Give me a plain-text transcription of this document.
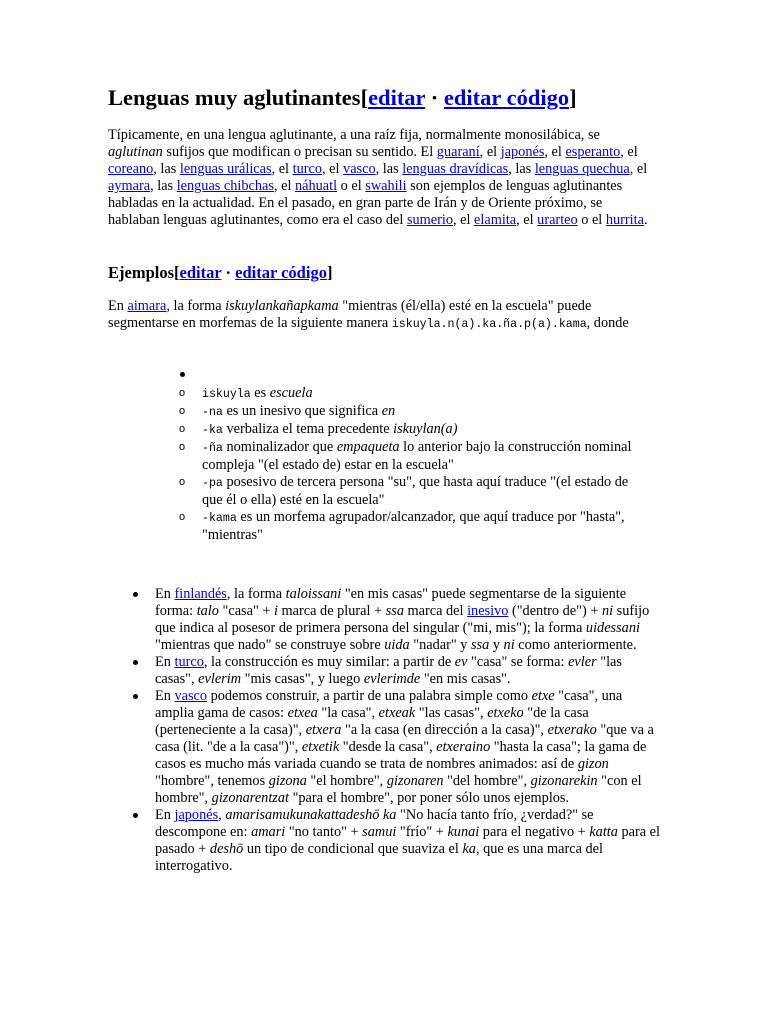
Lenguas muy aglutinantes[editar · editar código]

Típicamente, en una lengua aglutinante, a una raíz fija, normalmente monosilábica, se aglutinan sufijos que modifican o precisan su sentido. El guaraní, el japonés, el esperanto, el coreano, las lenguas urálicas, el turco, el vasco, las lenguas dravídicas, las lenguas quechua, el aymara, las lenguas chibchas, el náhuatl o el swahili son ejemplos de lenguas aglutinantes habladas en la actualidad. En el pasado, en gran parte de Irán y de Oriente próximo, se hablaban lenguas aglutinantes, como era el caso del sumerio, el elamita, el urarteo o el hurrita.

Ejemplos[editar · editar código]

En aimara, la forma iskuylankañapkama "mientras (él/ella) esté en la escuela" puede segmentarse en morfemas de la siguiente manera iskuyla.n(a).ka.ña.p(a).kama, donde

o iskuyla es escuela
o -na es un inesivo que significa en
o -ka verbaliza el tema precedente iskuylan(a)
o -ña nominalizador que empaqueta lo anterior bajo la construcción nominal compleja "(el estado de) estar en la escuela"
o -pa posesivo de tercera persona "su", que hasta aquí traduce "(el estado de que él o ella) esté en la escuela"
o -kama es un morfema agrupador/alcanzador, que aquí traduce por "hasta", "mientras"
En finlandés, la forma taloissani "en mis casas" puede segmentarse de la siguiente forma: talo "casa" + i marca de plural + ssa marca del inesivo ("dentro de") + ni sufijo que indica al posesor de primera persona del singular ("mi, mis"); la forma uidessani "mientras que nado" se construye sobre uida "nadar" y ssa y ni como anteriormente.
En turco, la construcción es muy similar: a partir de ev "casa" se forma: evler "las casas", evlerim "mis casas", y luego evlerimde "en mis casas".
En vasco podemos construir, a partir de una palabra simple como etxe "casa", una amplia gama de casos: etxea "la casa", etxeak "las casas", etxeko "de la casa (perteneciente a la casa)", etxera "a la casa (en dirección a la casa)", etxerako "que va a casa (lit. "de a la casa")", etxetik "desde la casa", etxeraino "hasta la casa"; la gama de casos es mucho más variada cuando se trata de nombres animados: así de gizon "hombre", tenemos gizona "el hombre", gizonaren "del hombre", gizonarekin "con el hombre", gizonarentzat "para el hombre", por poner sólo unos ejemplos.
En japonés, amarisamukunakattadeshō ka "No hacía tanto frío, ¿verdad?" se descompone en: amari "no tanto" + samui "frío" + kunai para el negativo + katta para el pasado + deshō un tipo de condicional que suaviza el ka, que es una marca del interrogativo.
